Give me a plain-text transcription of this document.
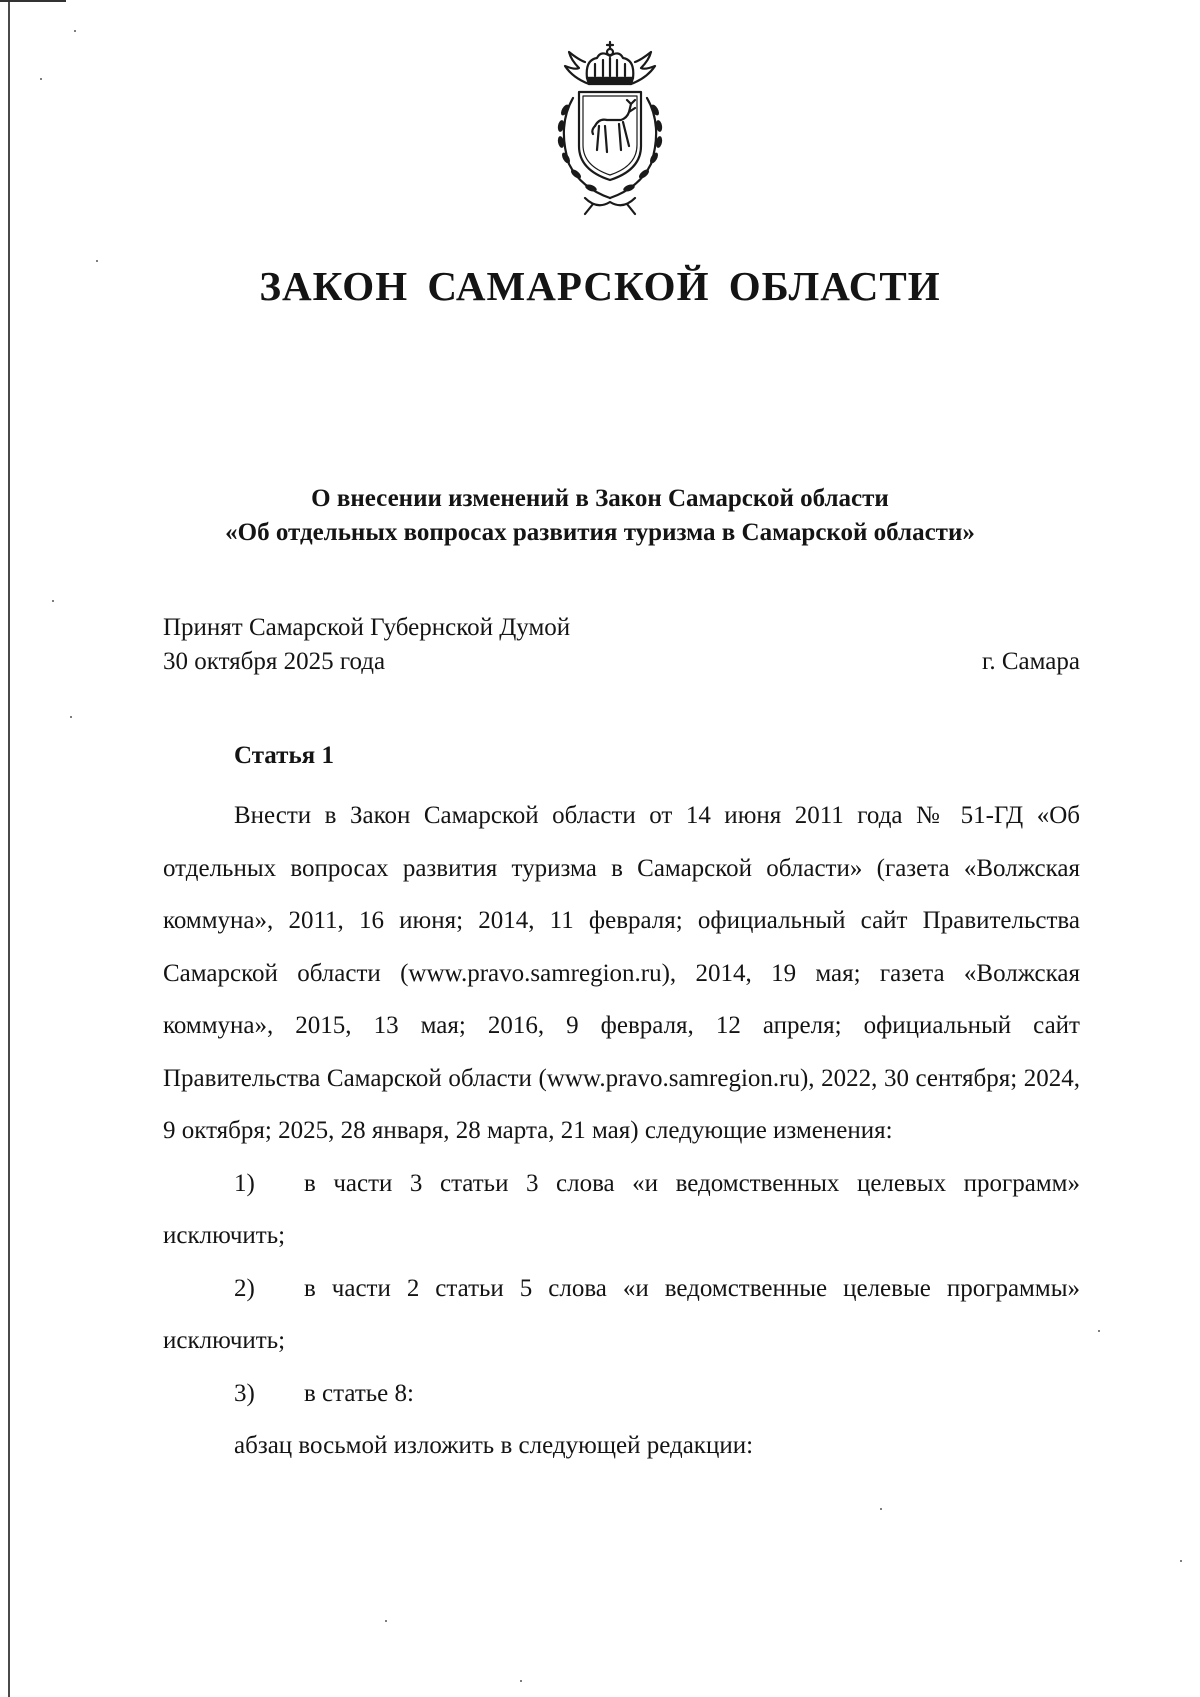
ЗАКОН САМАРСКОЙ ОБЛАСТИ
О внесении изменений в Закон Самарской области
«Об отдельных вопросах развития туризма в Самарской области»
Принят Самарской Губернской Думой
30 октября 2025 года	г. Самара
Статья 1

Внести в Закон Самарской области от 14 июня 2011 года № 51-ГД «Об отдельных вопросах развития туризма в Самарской области» (газета «Волжская коммуна», 2011, 16 июня; 2014, 11 февраля; официальный сайт Правительства Самарской области (www.pravo.samregion.ru), 2014, 19 мая; газета «Волжская коммуна», 2015, 13 мая; 2016, 9 февраля, 12 апреля; официальный сайт Правительства Самарской области (www.pravo.samregion.ru), 2022, 30 сентября; 2024, 9 октября; 2025, 28 января, 28 марта, 21 мая) следующие изменения:

1) в части 3 статьи 3 слова «и ведомственных целевых программ» исключить;

2) в части 2 статьи 5 слова «и ведомственные целевые программы» исключить;

3) в статье 8:

абзац восьмой изложить в следующей редакции:
